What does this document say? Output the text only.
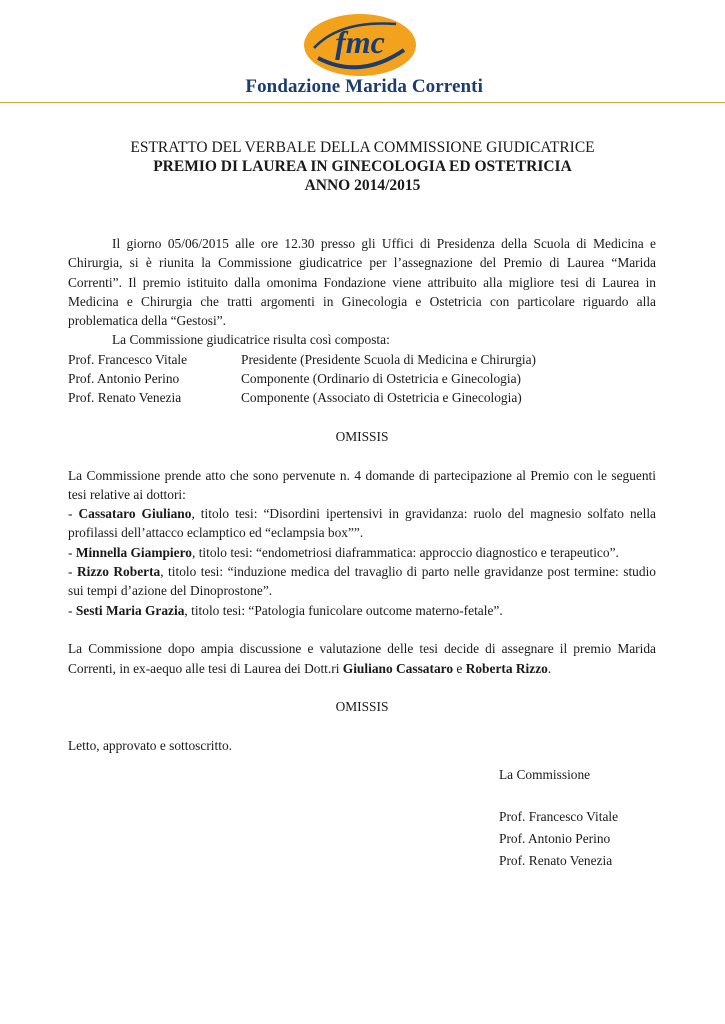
fmc
Fondazione Marida Correnti
ESTRATTO DEL VERBALE DELLA COMMISSIONE GIUDICATRICE
PREMIO DI LAUREA IN GINECOLOGIA ED OSTETRICIA
ANNO 2014/2015

Il giorno 05/06/2015 alle ore 12.30 presso gli Uffici di Presidenza della Scuola di Medicina e Chirurgia, si è riunita la Commissione giudicatrice per l’assegnazione del Premio di Laurea “Marida Correnti”. Il premio istituito dalla omonima Fondazione viene attribuito alla migliore tesi di Laurea in Medicina e Chirurgia che tratti argomenti in Ginecologia e Ostetricia con particolare riguardo alla problematica della “Gestosi”.

La Commissione giudicatrice risulta così composta:

Prof. Francesco Vitale	Presidente (Presidente Scuola di Medicina e Chirurgia)
Prof. Antonio Perino	Componente (Ordinario di Ostetricia e Ginecologia)
Prof. Renato Venezia	Componente (Associato di Ostetricia e Ginecologia)

OMISSIS

La Commissione prende atto che sono pervenute n. 4 domande di partecipazione al Premio con le seguenti tesi relative ai dottori:

- Cassataro Giuliano, titolo tesi: “Disordini ipertensivi in gravidanza: ruolo del magnesio solfato nella profilassi dell’attacco eclamptico ed “eclampsia box””.

- Minnella Giampiero, titolo tesi: “endometriosi diaframmatica: approccio diagnostico e terapeutico”.

- Rizzo Roberta, titolo tesi: “induzione medica del travaglio di parto nelle gravidanze post termine: studio sui tempi d’azione del Dinoprostone”.

- Sesti Maria Grazia, titolo tesi: “Patologia funicolare outcome materno-fetale”.

La Commissione dopo ampia discussione e valutazione delle tesi decide di assegnare il premio Marida Correnti, in ex-aequo alle tesi di Laurea dei Dott.ri Giuliano Cassataro e Roberta Rizzo.

OMISSIS

Letto, approvato e sottoscritto.

La Commissione
Prof. Francesco Vitale
Prof. Antonio Perino
Prof. Renato Venezia
